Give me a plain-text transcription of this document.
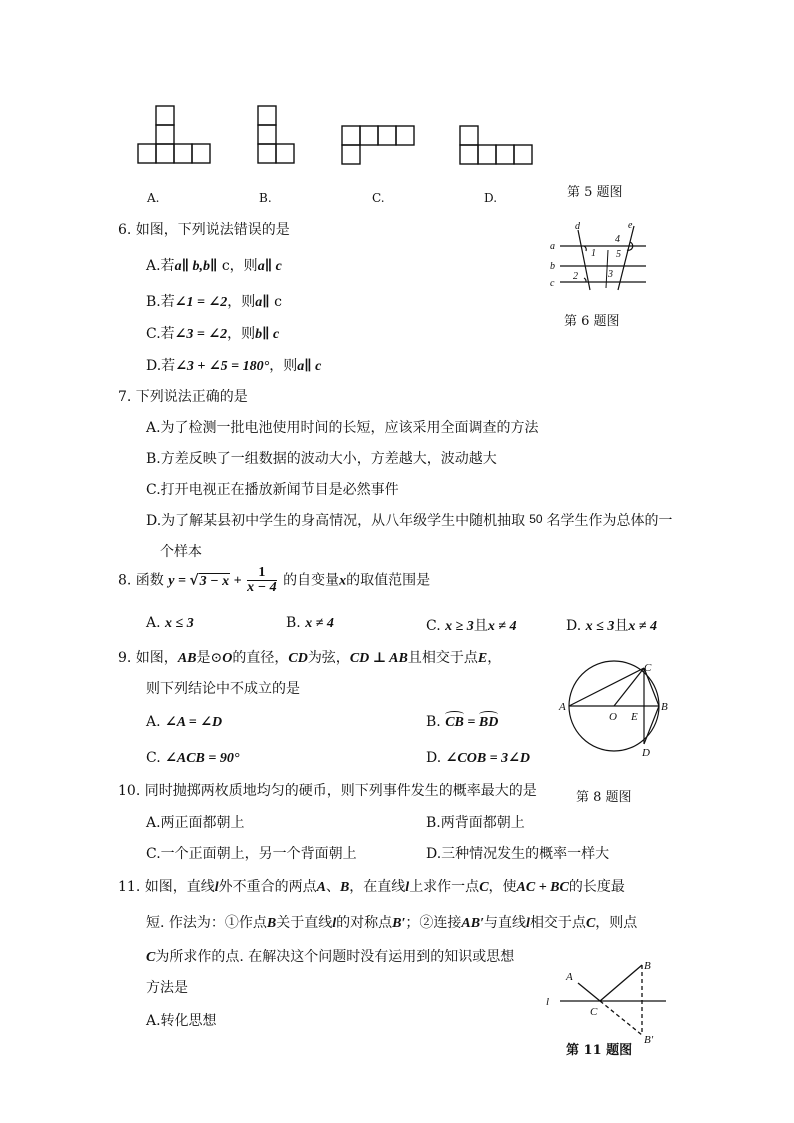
A.	B.	C.	D.	第 5 题图
6. 如图，下列说法错误的是
A.若a∥ b,b∥ c，则a∥ c
B.若∠1 = ∠2，则a∥ c
C.若∠3 = ∠2，则b∥ c
D.若∠3 + ∠5 = 180°，则a∥ c
d	e
a
b
c
1
2	3
4
5
第 6 题图
7. 下列说法正确的是
A.为了检测一批电池使用时间的长短，应该采用全面调查的方法
B.方差反映了一组数据的波动大小，方差越大，波动越大
C.打开电视正在播放新闻节目是必然事件
D.为了解某县初中学生的身高情况，从八年级学生中随机抽取 50 名学生作为总体的一
个样本
8. 函数 $y = √3 - x + \frac{1}{x - 4}$ 的自变量x的取值范围是
A. x ≤ 3	B. x ≠ 4	C. x ≥ 3且x ≠ 4	D. x ≤ 3且x ≠ 4
9. 如图，AB是⊙O的直径，CD为弦，CD ⊥ AB且相交于点E，
则下列结论中不成立的是
A. ∠A = ∠D	B. CB =
BD
C. ∠ACB = 90°	D. ∠COB = 3∠D
A	B
C
D
O E
第 8 题图
10. 同时抛掷两枚质地均匀的硬币，则下列事件发生的概率最大的是
A.两正面都朝上	B.两背面都朝上
C.一个正面朝上，另一个背面朝上	D.三种情况发生的概率一样大
11. 如图，直线l外不重合的两点A、B，在直线l上求作一点C，使AC + BC的长度最
短. 作法为：①作点B关于直线l的对称点B′；②连接AB′与直线l相交于点C，则点
C为所求作的点. 在解决这个问题时没有运用到的知识或思想
方法是
A.转化思想
A
B
C
l
B′
第 11 题图
